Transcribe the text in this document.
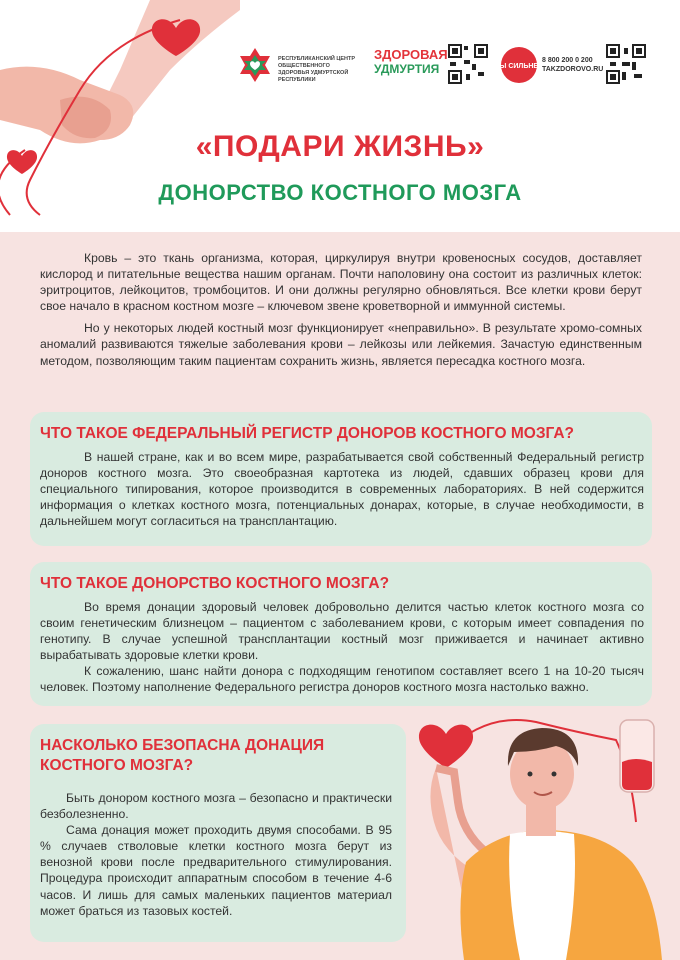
РЕСПУБЛИКАНСКИЙ ЦЕНТР ОБЩЕСТВЕННОГО ЗДОРОВЬЯ УДМУРТСКОЙ РЕСПУБЛИКИ
ЗДОРОВАЯ
УДМУРТИЯ	ТЫ СИЛЬНЕЕ
8 800 200 0 200
TAKZDOROVO.RU
«ПОДАРИ ЖИЗНЬ»
ДОНОРСТВО КОСТНОГО МОЗГА

Кровь – это ткань организма, которая, циркулируя внутри кровеносных сосудов, доставляет кислород и питательные вещества нашим органам. Почти наполовину она состоит из различных клеток: эритроцитов, лейкоцитов, тромбоцитов. И они должны регулярно обновляться. Все клетки крови берут свое начало в красном костном мозге – ключевом звене кроветворной и иммунной системы.

Но у некоторых людей костный мозг функционирует «неправильно». В результате хромо-сомных аномалий развиваются тяжелые заболевания крови – лейкозы или лейкемия. Зачастую единственным методом, позволяющим таким пациентам сохранить жизнь, является пересадка костного мозга.

ЧТО ТАКОЕ ФЕДЕРАЛЬНЫЙ РЕГИСТР ДОНОРОВ КОСТНОГО МОЗГА?

В нашей стране, как и во всем мире, разрабатывается свой собственный Федеральный регистр доноров костного мозга. Это своеобразная картотека из людей, сдавших образец крови для специального типирования, которое производится в современных лабораториях. В ней содержится информация о клетках костного мозга, потенциальных донарах, которые, в случае необходимости, в дальнейшем могут согласиться на трансплантацию.

ЧТО ТАКОЕ ДОНОРСТВО КОСТНОГО МОЗГА?

Во время донации здоровый человек добровольно делится частью клеток костного мозга со своим генетическим близнецом – пациентом с заболеванием крови, с которым имеет совпадения по генотипу. В случае успешной трансплантации костный мозг приживается и начинает активно вырабатывать здоровые клетки крови.

К сожалению, шанс найти донора с подходящим генотипом составляет всего 1 на 10-20 тысяч человек. Поэтому наполнение Федерального регистра доноров костного мозга настолько важно.

НАСКОЛЬКО БЕЗОПАСНА ДОНАЦИЯ
КОСТНОГО МОЗГА?

Быть донором костного мозга – безопасно и практически безболезненно.

Сама донация может проходить двумя способами. В 95 % случаев стволовые клетки костного мозга берут из венозной крови после предварительного стимулирования. Процедура происходит аппаратным способом в течение 4-6 часов. И лишь для самых маленьких пациентов материал может браться из тазовых костей.
